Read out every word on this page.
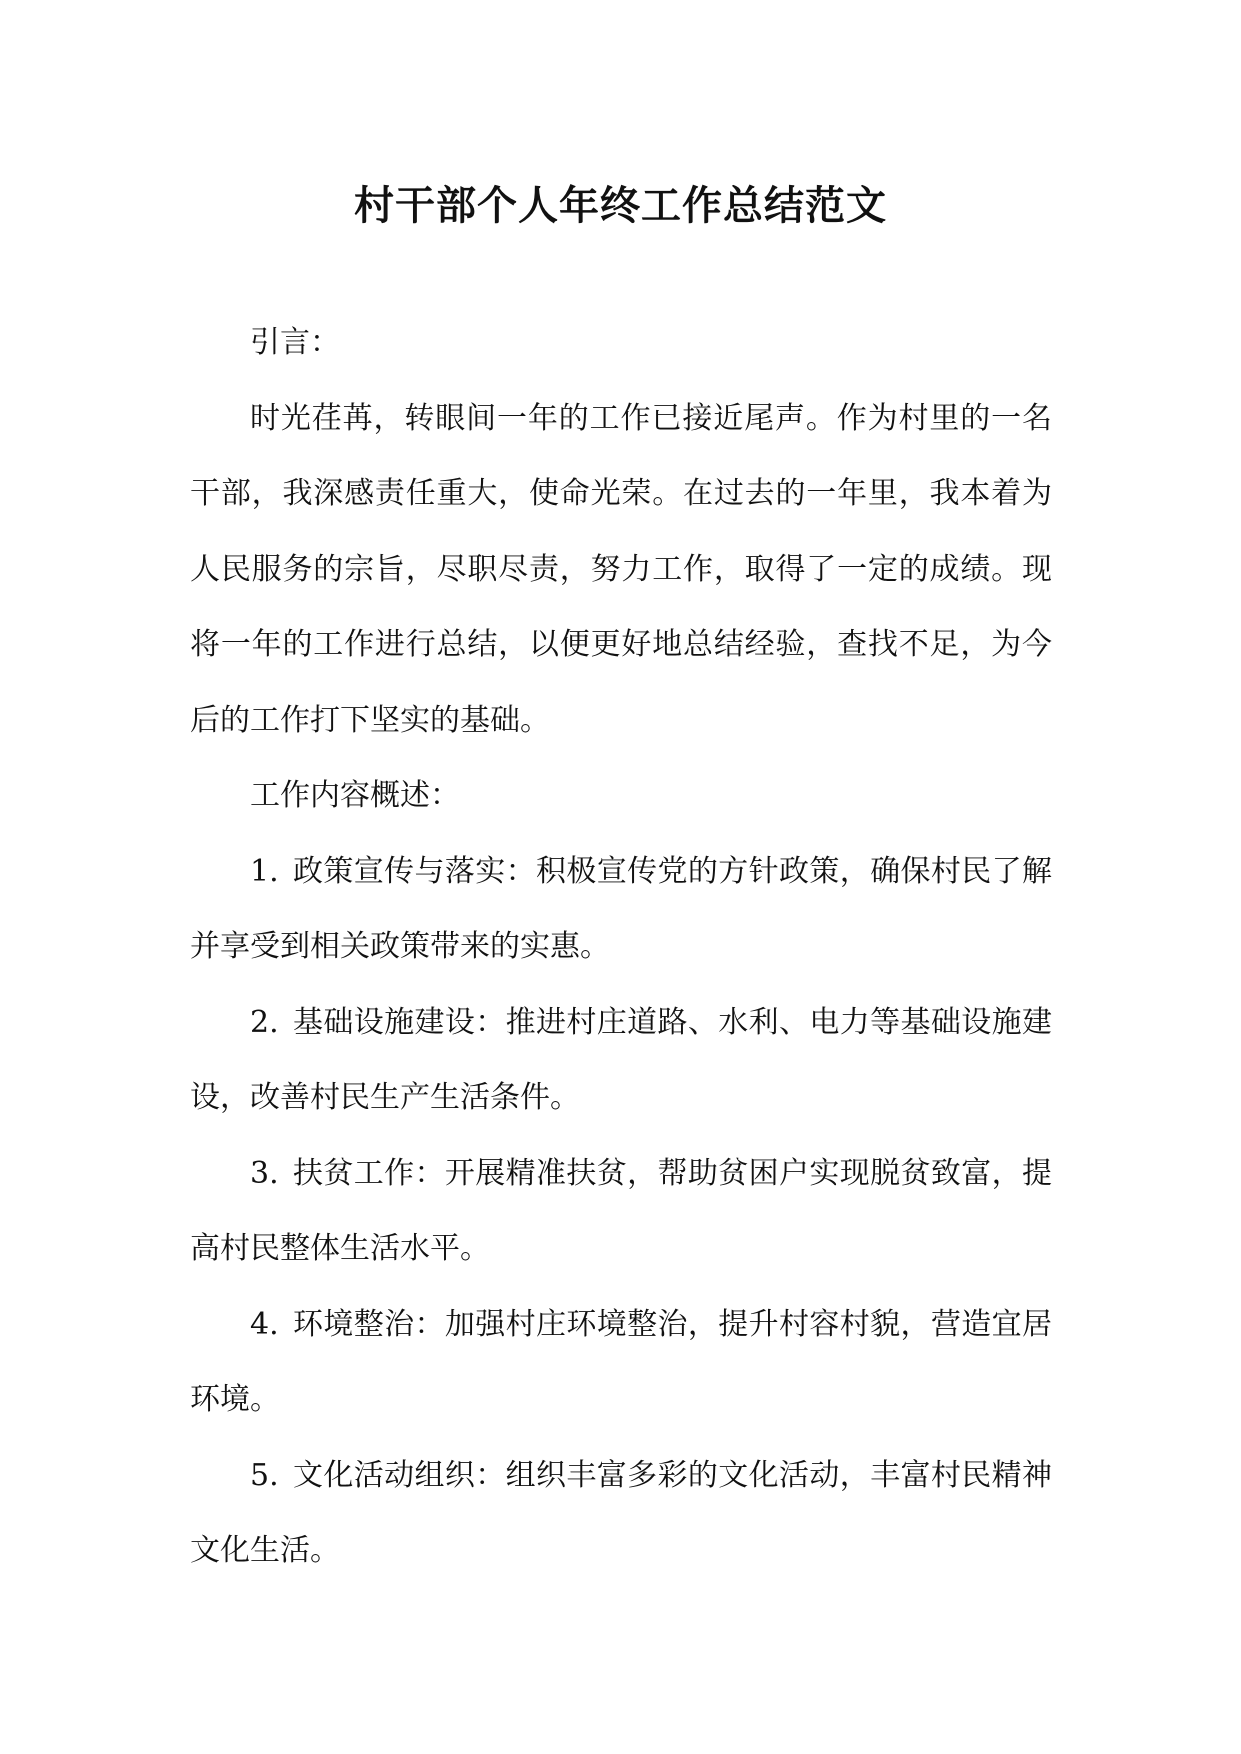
村干部个人年终工作总结范文

引言：

时光荏苒，转眼间一年的工作已接近尾声。作为村里的一名干部，我深感责任重大，使命光荣。在过去的一年里，我本着为人民服务的宗旨，尽职尽责，努力工作，取得了一定的成绩。现将一年的工作进行总结，以便更好地总结经验，查找不足，为今后的工作打下坚实的基础。

工作内容概述：

1. 政策宣传与落实：积极宣传党的方针政策，确保村民了解并享受到相关政策带来的实惠。

2. 基础设施建设：推进村庄道路、水利、电力等基础设施建设，改善村民生产生活条件。

3. 扶贫工作：开展精准扶贫，帮助贫困户实现脱贫致富，提高村民整体生活水平。

4. 环境整治：加强村庄环境整治，提升村容村貌，营造宜居环境。

5. 文化活动组织：组织丰富多彩的文化活动，丰富村民精神文化生活。
